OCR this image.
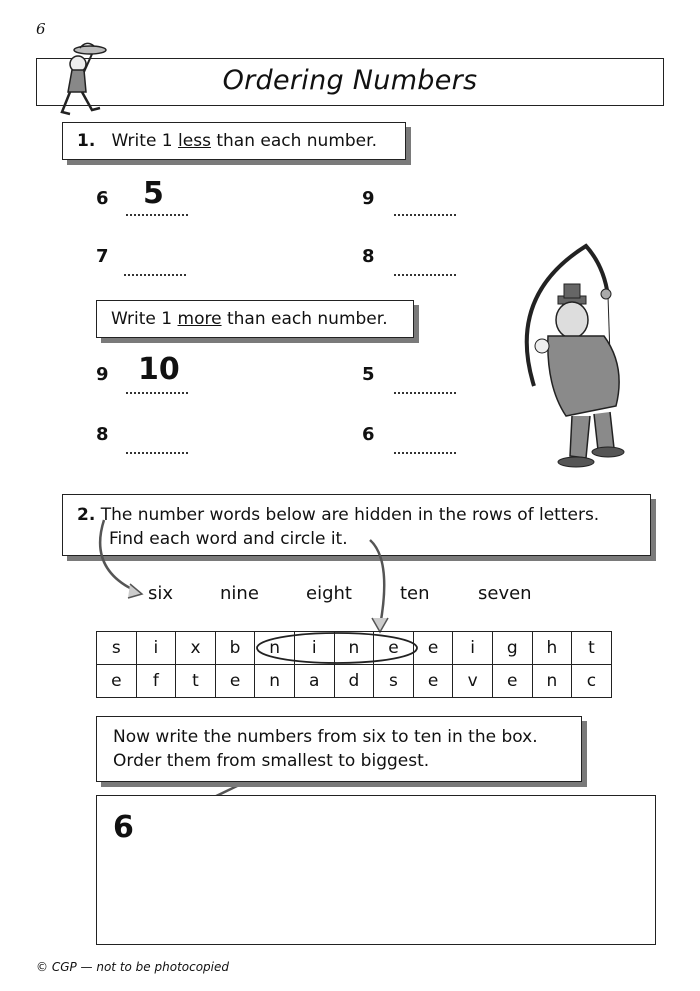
6
Ordering Numbers
1. Write 1 less than each number.
6 5	9
7	8
Write 1 more than each number.
9 10	5
8	6
2. The number words below are hidden in the rows of letters.
Find each word and circle it.
six	nine	eight	ten	seven
s	i	x	b	n	i	n	e	e	i	g	h	t
e	f	t	e	n	a	d	s	e	v	e	n	c
Now write the numbers from six to ten in the box.
Order them from smallest to biggest.
6
© CGP — not to be photocopied
